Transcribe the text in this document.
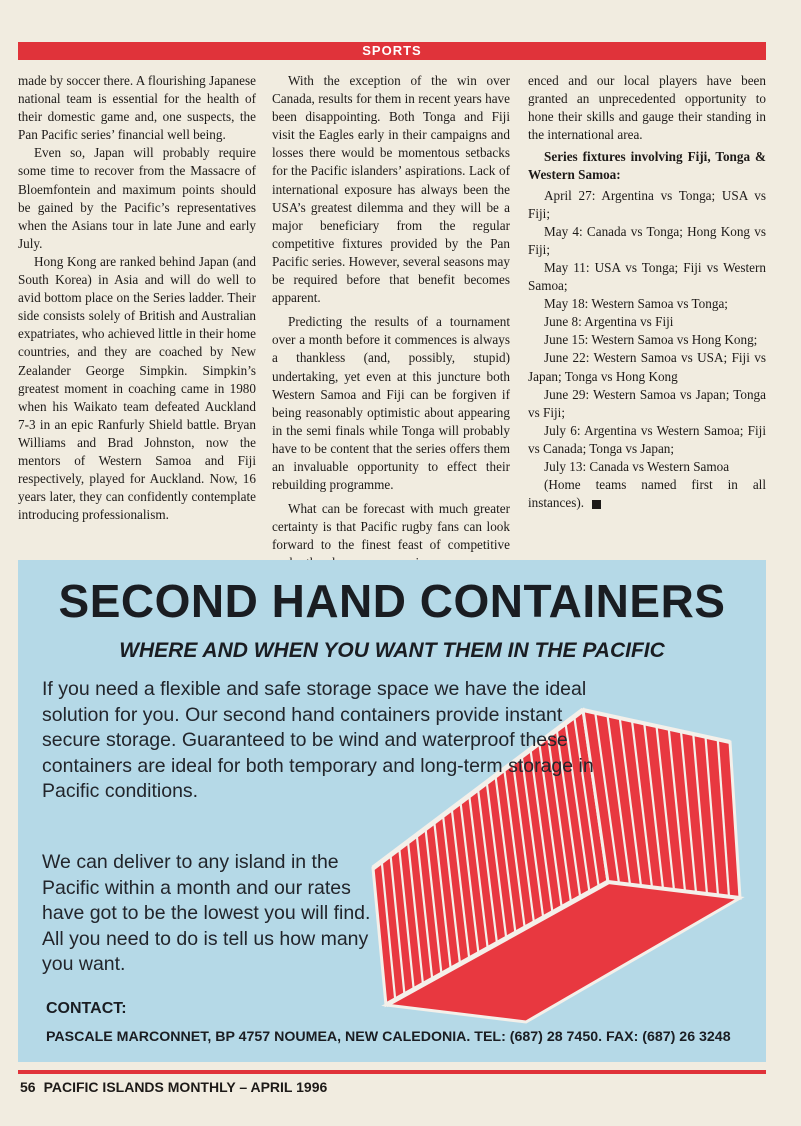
SPORTS

made by soccer there. A flourishing Japanese national team is essential for the health of their domestic game and, one suspects, the Pan Pacific series’ financial well being.

Even so, Japan will probably require some time to recover from the Massacre of Bloemfontein and maximum points should be gained by the Pacific’s representatives when the Asians tour in late June and early July.

Hong Kong are ranked behind Japan (and South Korea) in Asia and will do well to avid bottom place on the Series ladder. Their side consists solely of British and Australian expatriates, who achieved little in their home countries, and they are coached by New Zealander George Simpkin. Simpkin’s greatest moment in coaching came in 1980 when his Waikato team defeated Auckland 7-3 in an epic Ranfurly Shield battle. Bryan Williams and Brad Johnston, now the mentors of Western Samoa and Fiji respectively, played for Auckland. Now, 16 years later, they can confidently contemplate introducing professionalism.

With the exception of the win over Canada, results for them in recent years have been disappointing. Both Tonga and Fiji visit the Eagles early in their campaigns and losses there would be momentous setbacks for the Pacific islanders’ aspirations. Lack of international exposure has always been the USA’s greatest dilemma and they will be a major beneficiary from the regular competitive fixtures provided by the Pan Pacific series. However, several seasons may be required before that benefit becomes apparent.

Predicting the results of a tournament over a month before it commences is always a thankless (and, possibly, stupid) undertaking, yet even at this juncture both Western Samoa and Fiji can be forgiven if being reasonably optimistic about appearing in the semi finals while Tonga will probably have to be content that the series offers them an invaluable opportunity to effect their rebuilding programme.

What can be forecast with much greater certainty is that Pacific rugby fans can look forward to the finest feast of competitive

enced and our local players have been granted an unprecedented opportunity to hone their skills and gauge their standing in the international area.

Series fixtures involving Fiji, Tonga & Western Samoa:

April 27: Argentina vs Tonga; USA vs Fiji;

May 4: Canada vs Tonga; Hong Kong vs Fiji;

May 11: USA vs Tonga; Fiji vs Western Samoa;

May 18: Western Samoa vs Tonga;

June 8: Argentina vs Fiji

June 15: Western Samoa vs Hong Kong;

June 22: Western Samoa vs USA; Fiji vs Japan; Tonga vs Hong Kong

June 29: Western Samoa vs Japan; Tonga vs Fiji;

July 6: Argentina vs Western Samoa; Fiji vs Canada; Tonga vs Japan;

July 13: Canada vs Western Samoa

(Home teams named first in all instances).

SECOND HAND CONTAINERS
WHERE AND WHEN YOU WANT THEM IN THE PACIFIC

If you need a flexible and safe storage space we have the ideal solution for you. Our second hand containers provide instant secure storage. Guaranteed to be wind and waterproof these containers are ideal for both temporary and long-term storage in Pacific conditions.

We can deliver to any island in the Pacific within a month and our rates have got to be the lowest you will find. All you need to do is tell us how many you want.

CONTACT:
PASCALE MARCONNET, BP 4757 NOUMEA, NEW CALEDONIA. TEL: (687) 28 7450. FAX: (687) 26 3248
56 PACIFIC ISLANDS MONTHLY – APRIL 1996
